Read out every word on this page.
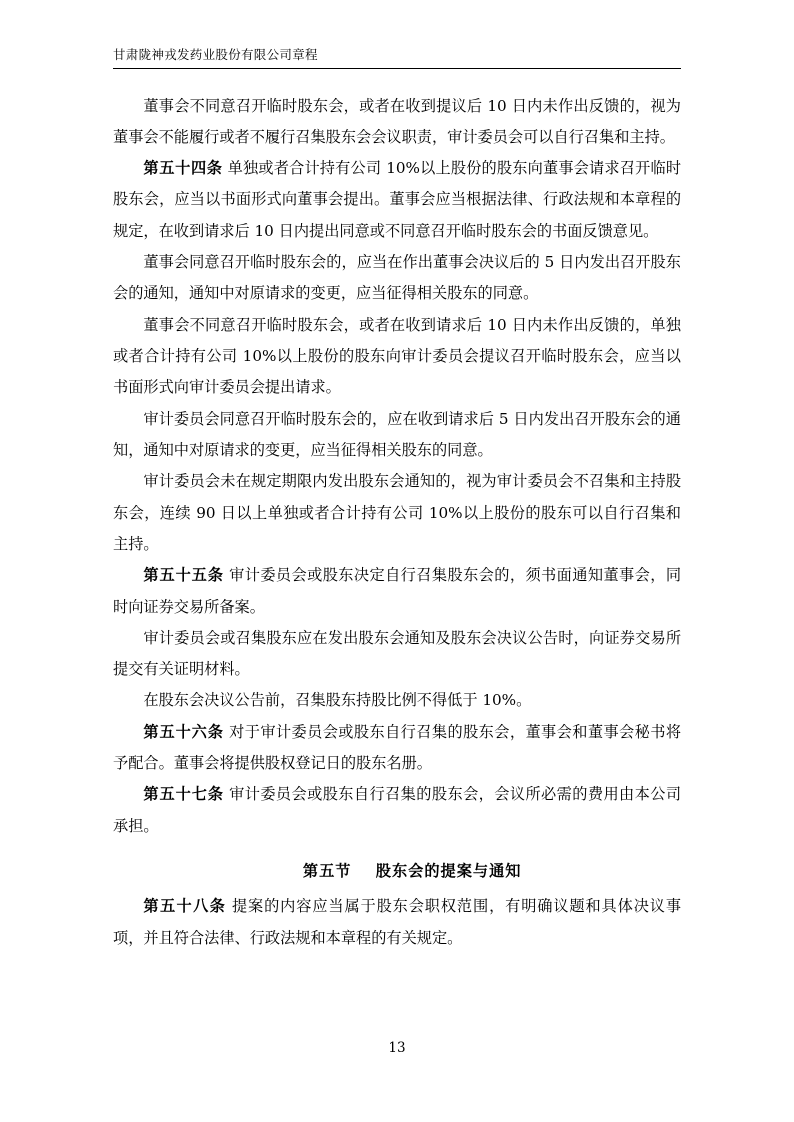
甘肃陇神戎发药业股份有限公司章程

董事会不同意召开临时股东会，或者在收到提议后 10 日内未作出反馈的，视为董事会不能履行或者不履行召集股东会会议职责，审计委员会可以自行召集和主持。

第五十四条 单独或者合计持有公司 10%以上股份的股东向董事会请求召开临时股东会，应当以书面形式向董事会提出。董事会应当根据法律、行政法规和本章程的规定，在收到请求后 10 日内提出同意或不同意召开临时股东会的书面反馈意见。

董事会同意召开临时股东会的，应当在作出董事会决议后的 5 日内发出召开股东会的通知，通知中对原请求的变更，应当征得相关股东的同意。

董事会不同意召开临时股东会，或者在收到请求后 10 日内未作出反馈的，单独或者合计持有公司 10%以上股份的股东向审计委员会提议召开临时股东会，应当以书面形式向审计委员会提出请求。

审计委员会同意召开临时股东会的，应在收到请求后 5 日内发出召开股东会的通知，通知中对原请求的变更，应当征得相关股东的同意。

审计委员会未在规定期限内发出股东会通知的，视为审计委员会不召集和主持股东会，连续 90 日以上单独或者合计持有公司 10%以上股份的股东可以自行召集和主持。

第五十五条 审计委员会或股东决定自行召集股东会的，须书面通知董事会，同时向证券交易所备案。

审计委员会或召集股东应在发出股东会通知及股东会决议公告时，向证券交易所提交有关证明材料。

在股东会决议公告前，召集股东持股比例不得低于 10%。

第五十六条 对于审计委员会或股东自行召集的股东会，董事会和董事会秘书将予配合。董事会将提供股权登记日的股东名册。

第五十七条 审计委员会或股东自行召集的股东会，会议所必需的费用由本公司承担。

第五节 股东会的提案与通知

第五十八条 提案的内容应当属于股东会职权范围，有明确议题和具体决议事项，并且符合法律、行政法规和本章程的有关规定。

13
